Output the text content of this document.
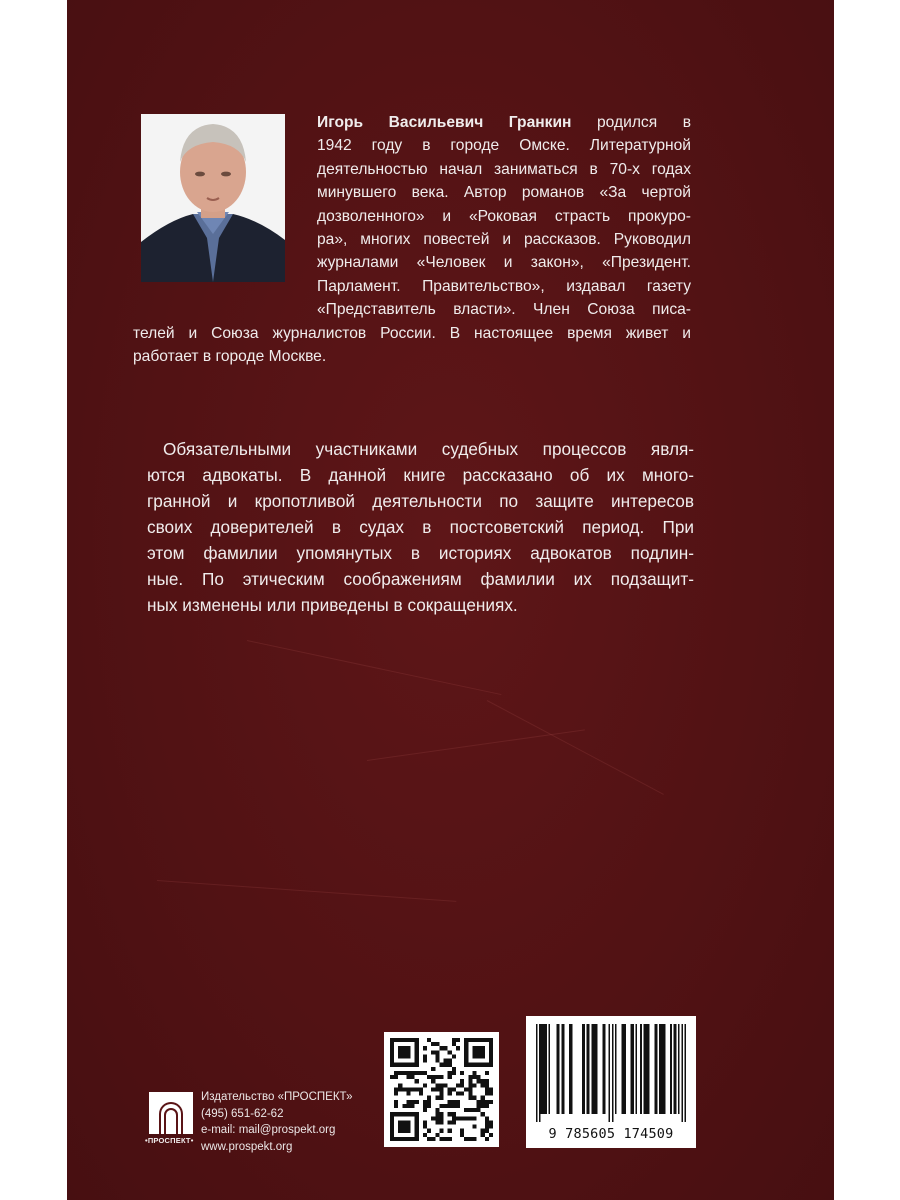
Игорь Васильевич Гранкин родился в
1942 году в городе Омске. Литературной
деятельностью начал заниматься в 70-х годах
минувшего века. Автор романов «За чертой
дозволенного» и «Роковая страсть прокуро-
ра», многих повестей и рассказов. Руководил
журналами «Человек и закон», «Президент.
Парламент. Правительство», издавал газету
«Представитель власти». Член Союза писа-
телей и Союза журналистов России. В настоящее время живет и
работает в городе Москве.
Обязательными участниками судебных процессов явля-
ются адвокаты. В данной книге рассказано об их много-
гранной и кропотливой деятельности по защите интересов
своих доверителей в судах в постсоветский период. При
этом фамилии упомянутых в историях адвокатов подлин-
ные. По этическим соображениям фамилии их подзащит-
ных изменены или приведены в сокращениях.
•ПРОСПЕКТ•
Издательство «ПРОСПЕКТ»
(495) 651-62-62
e-mail: mail@prospekt.org
www.prospekt.org
9 785605 174509
